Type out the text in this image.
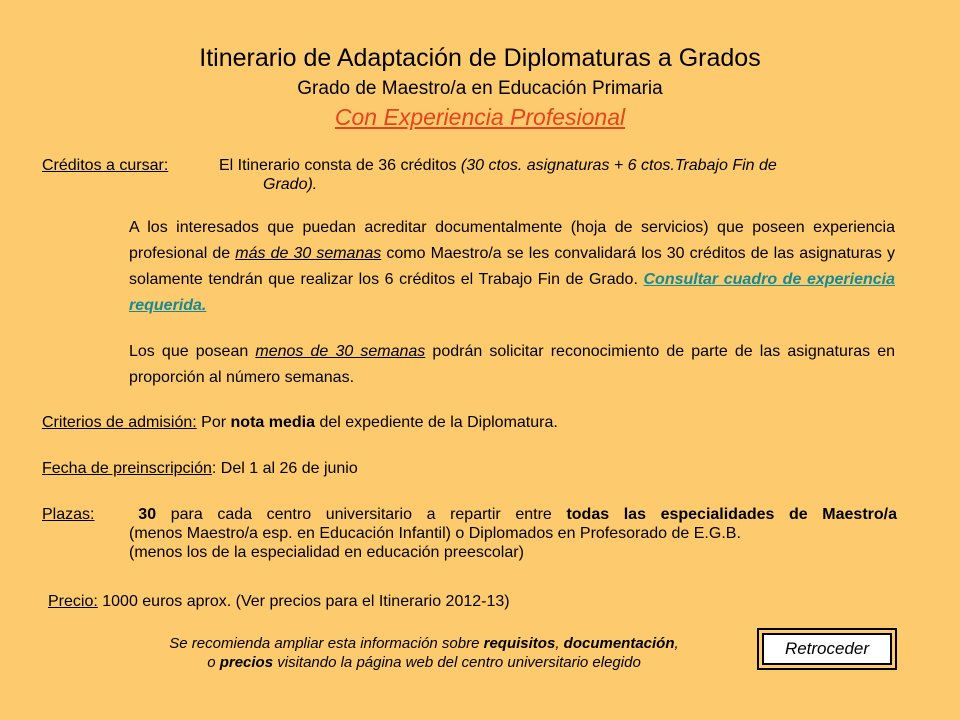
Itinerario de Adaptación de Diplomaturas a Grados
Grado de Maestro/a en Educación Primaria
Con Experiencia Profesional
Créditos a cursar:	El Itinerario consta de 36 créditos (30 ctos. asignaturas + 6 ctos.Trabajo Fin de
Grado).
A los interesados que puedan acreditar documentalmente (hoja de servicios) que poseen experiencia profesional de más de 30 semanas como Maestro/a se les convalidará los 30 créditos de las asignaturas y solamente tendrán que realizar los 6 créditos el Trabajo Fin de Grado. Consultar cuadro de experiencia requerida.
Los que posean menos de 30 semanas podrán solicitar reconocimiento de parte de las asignaturas en proporción al número semanas.
Criterios de admisión: Por nota media del expediente de la Diplomatura.
Fecha de preinscripción: Del 1 al 26 de junio
Plazas:	30 para cada centro universitario a repartir entre todas las especialidades de Maestro/a
(menos Maestro/a esp. en Educación Infantil) o Diplomados en Profesorado de E.G.B.
(menos los de la especialidad en educación preescolar)
Precio: 1000 euros aprox. (Ver precios para el Itinerario 2012-13)
Se recomienda ampliar esta información sobre requisitos, documentación,
o precios visitando la página web del centro universitario elegido
Retroceder
